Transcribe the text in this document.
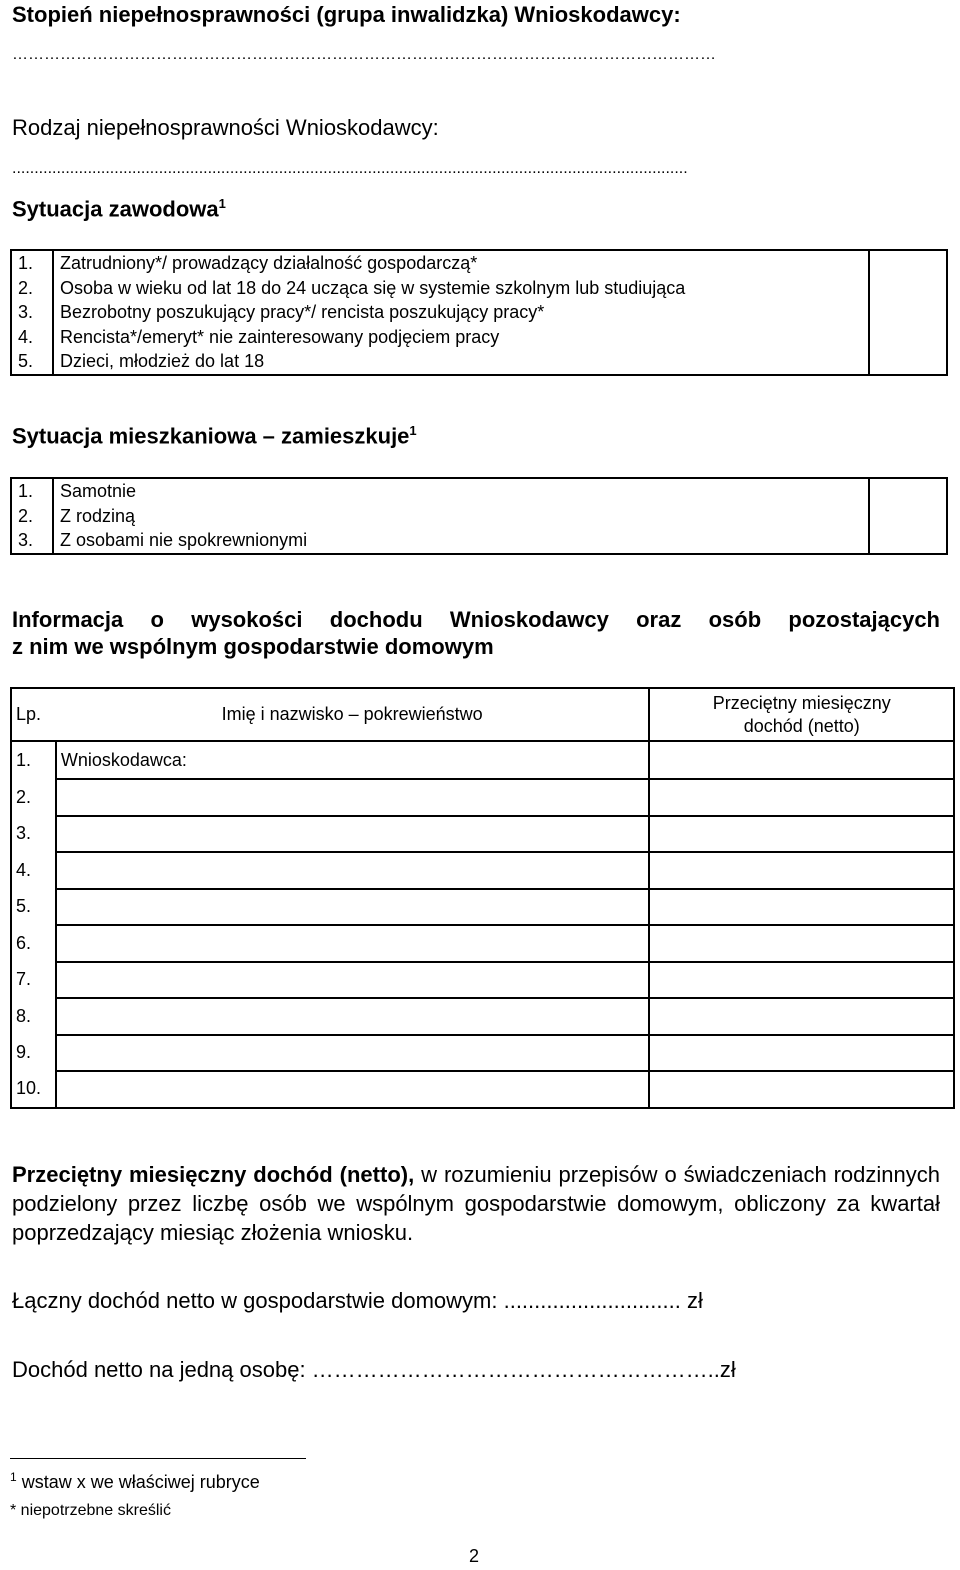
Stopień niepełnosprawności (grupa inwalidzka) Wnioskodawcy:
……………………………………………………………………………………………………………………
Rodzaj niepełnosprawności Wnioskodawcy:
........................................................................................................................................................
Sytuacja zawodowa$^1$
1.	Zatrudniony*/ prowadzący działalność gospodarczą*	
2.	Osoba w wieku od lat 18 do 24 ucząca się w systemie szkolnym lub studiująca	
3.	Bezrobotny poszukujący pracy*/ rencista poszukujący pracy*	
4.	Rencista*/emeryt* nie zainteresowany podjęciem pracy	
5.	Dzieci, młodzież do lat 18	
Sytuacja mieszkaniowa – zamieszkuje$^1$
1.	Samotnie	
2.	Z rodziną	
3.	Z osobami nie spokrewnionymi	
Informacja o wysokości dochodu Wnioskodawcy oraz osób pozostających
z nim we wspólnym gospodarstwie domowym
Lp.	Imię i nazwisko – pokrewieństwo	Przeciętny miesięczny
dochód (netto)

1.	Wnioskodawca:	
2.		
3.		
4.		
5.		
6.		
7.		
8.		
9.		
10.		
Przeciętny miesięczny dochód (netto), w rozumieniu przepisów o świadczeniach rodzinnych podzielony przez liczbę osób we wspólnym gospodarstwie domowym, obliczony za kwartał poprzedzający miesiąc złożenia wniosku.
Łączny dochód netto w gospodarstwie domowym: ............................. zł
Dochód netto na jedną osobę: ………………………………………………..zł
$^1$ wstaw x we właściwej rubryce
* niepotrzebne skreślić
2
